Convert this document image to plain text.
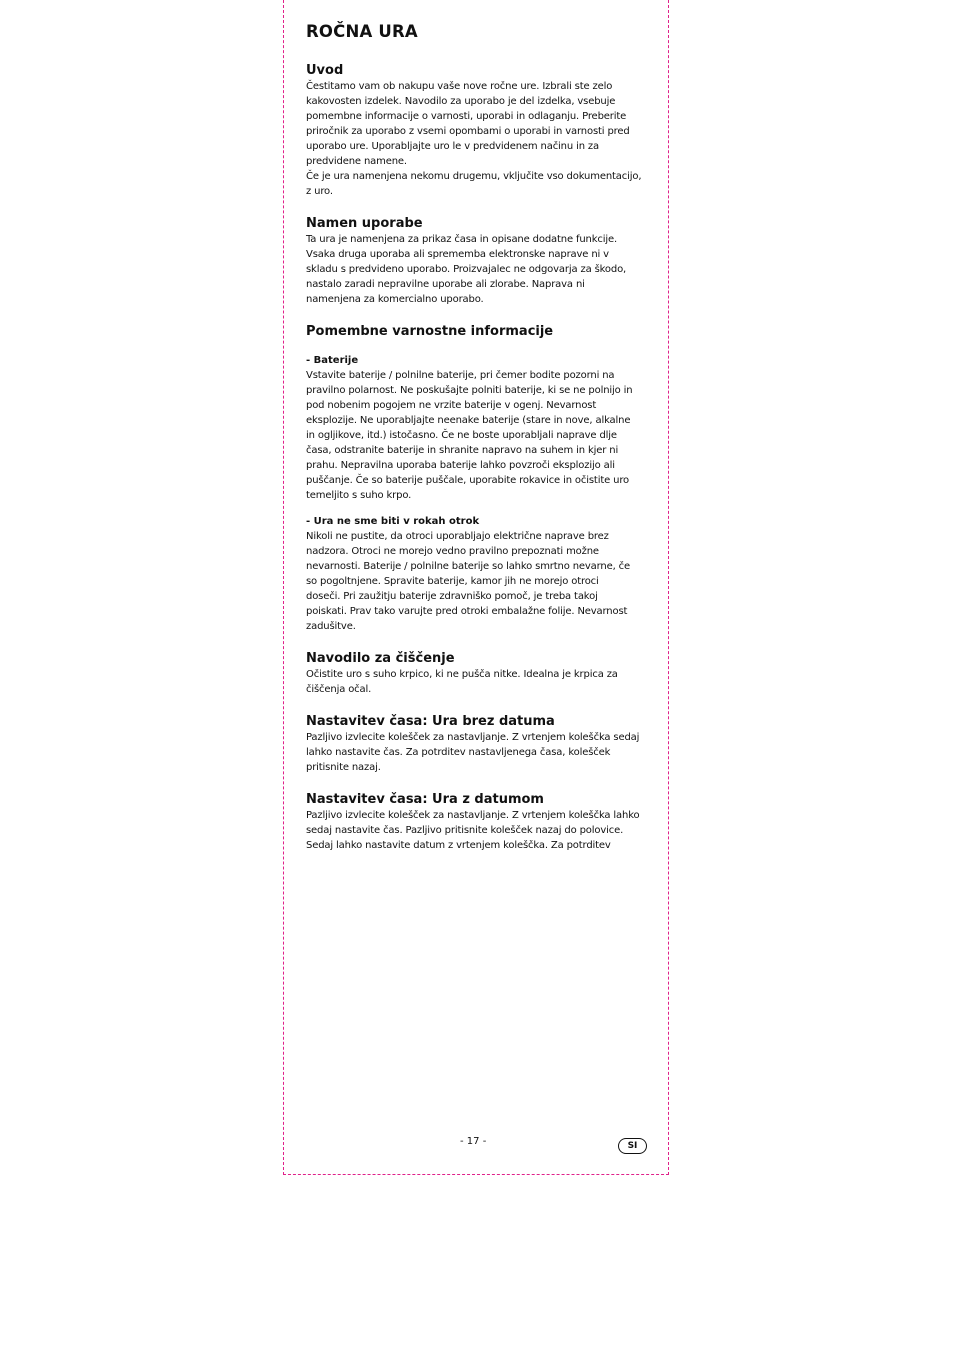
ROČNA URA
Uvod

Čestitamo vam ob nakupu vaše nove ročne ure. Izbrali ste zelo
kakovosten izdelek. Navodilo za uporabo je del izdelka, vsebuje
pomembne informacije o varnosti, uporabi in odlaganju. Preberite
priročnik za uporabo z vsemi opombami o uporabi in varnosti pred
uporabo ure. Uporabljajte uro le v predvidenem načinu in za
predvidene namene.
Če je ura namenjena nekomu drugemu, vključite vso dokumentacijo,
z uro.

Namen uporabe

Ta ura je namenjena za prikaz časa in opisane dodatne funkcije.
Vsaka druga uporaba ali sprememba elektronske naprave ni v
skladu s predvideno uporabo. Proizvajalec ne odgovarja za škodo,
nastalo zaradi nepravilne uporabe ali zlorabe. Naprava ni
namenjena za komercialno uporabo.

Pomembne varnostne informacije
- Baterije

Vstavite baterije / polnilne baterije, pri čemer bodite pozorni na
pravilno polarnost. Ne poskušajte polniti baterije, ki se ne polnijo in
pod nobenim pogojem ne vrzite baterije v ogenj. Nevarnost
eksplozije. Ne uporabljajte neenake baterije (stare in nove, alkalne
in ogljikove, itd.) istočasno. Če ne boste uporabljali naprave dlje
časa, odstranite baterije in shranite napravo na suhem in kjer ni
prahu. Nepravilna uporaba baterije lahko povzroči eksplozijo ali
puščanje. Če so baterije puščale, uporabite rokavice in očistite uro
temeljito s suho krpo.

- Ura ne sme biti v rokah otrok

Nikoli ne pustite, da otroci uporabljajo električne naprave brez
nadzora. Otroci ne morejo vedno pravilno prepoznati možne
nevarnosti. Baterije / polnilne baterije so lahko smrtno nevarne, če
so pogoltnjene. Spravite baterije, kamor jih ne morejo otroci
doseči. Pri zaužitju baterije zdravniško pomoč, je treba takoj
poiskati. Prav tako varujte pred otroki embalažne folije. Nevarnost
zadušitve.

Navodilo za čiščenje

Očistite uro s suho krpico, ki ne pušča nitke. Idealna je krpica za
čiščenja očal.

Nastavitev časa: Ura brez datuma

Pazljivo izvlecite kolešček za nastavljanje. Z vrtenjem koleščka sedaj
lahko nastavite čas. Za potrditev nastavljenega časa, kolešček
pritisnite nazaj.

Nastavitev časa: Ura z datumom

Pazljivo izvlecite kolešček za nastavljanje. Z vrtenjem koleščka lahko
sedaj nastavite čas. Pazljivo pritisnite kolešček nazaj do polovice.
Sedaj lahko nastavite datum z vrtenjem koleščka. Za potrditev

- 17 -	SI
